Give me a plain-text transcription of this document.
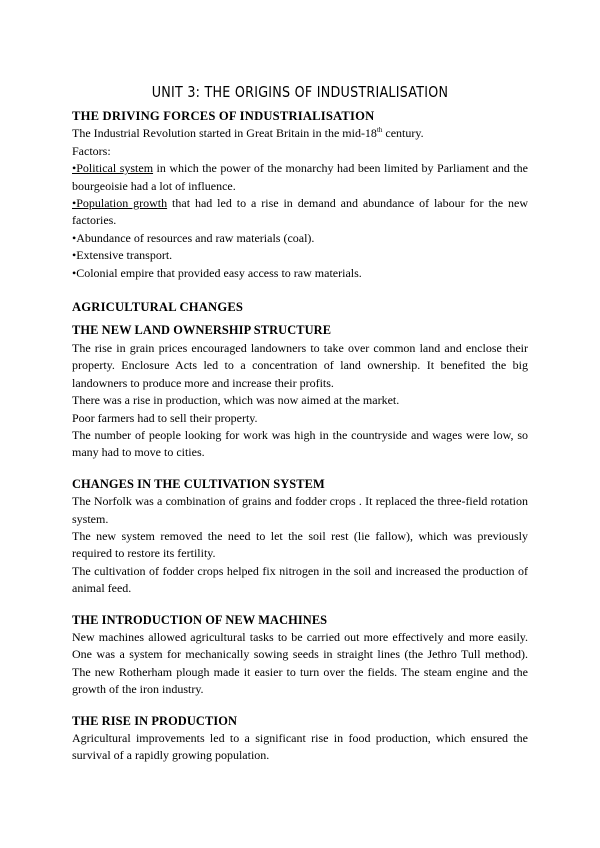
UNIT 3: THE ORIGINS OF INDUSTRIALISATION
THE DRIVING FORCES OF INDUSTRIALISATION

The Industrial Revolution started in Great Britain in the mid-18th century.

Factors:

•Political system in which the power of the monarchy had been limited by Parliament and the bourgeoisie had a lot of influence.

•Population growth that had led to a rise in demand and abundance of labour for the new factories.

•Abundance of resources and raw materials (coal).

•Extensive transport.

•Colonial empire that provided easy access to raw materials.

AGRICULTURAL CHANGES
THE NEW LAND OWNERSHIP STRUCTURE

The rise in grain prices encouraged landowners to take over common land and enclose their property. Enclosure Acts led to a concentration of land ownership. It benefited the big landowners to produce more and increase their profits.

There was a rise in production, which was now aimed at the market.

Poor farmers had to sell their property.

The number of people looking for work was high in the countryside and wages were low, so many had to move to cities.

CHANGES IN THE CULTIVATION SYSTEM

The Norfolk was a combination of grains and fodder crops . It replaced the three-field rotation system.

The new system removed the need to let the soil rest (lie fallow), which was previously required to restore its fertility.

The cultivation of fodder crops helped fix nitrogen in the soil and increased the production of animal feed.

THE INTRODUCTION OF NEW MACHINES

New machines allowed agricultural tasks to be carried out more effectively and more easily. One was a system for mechanically sowing seeds in straight lines (the Jethro Tull method). The new Rotherham plough made it easier to turn over the fields. The steam engine and the growth of the iron industry.

THE RISE IN PRODUCTION

Agricultural improvements led to a significant rise in food production, which ensured the survival of a rapidly growing population.
